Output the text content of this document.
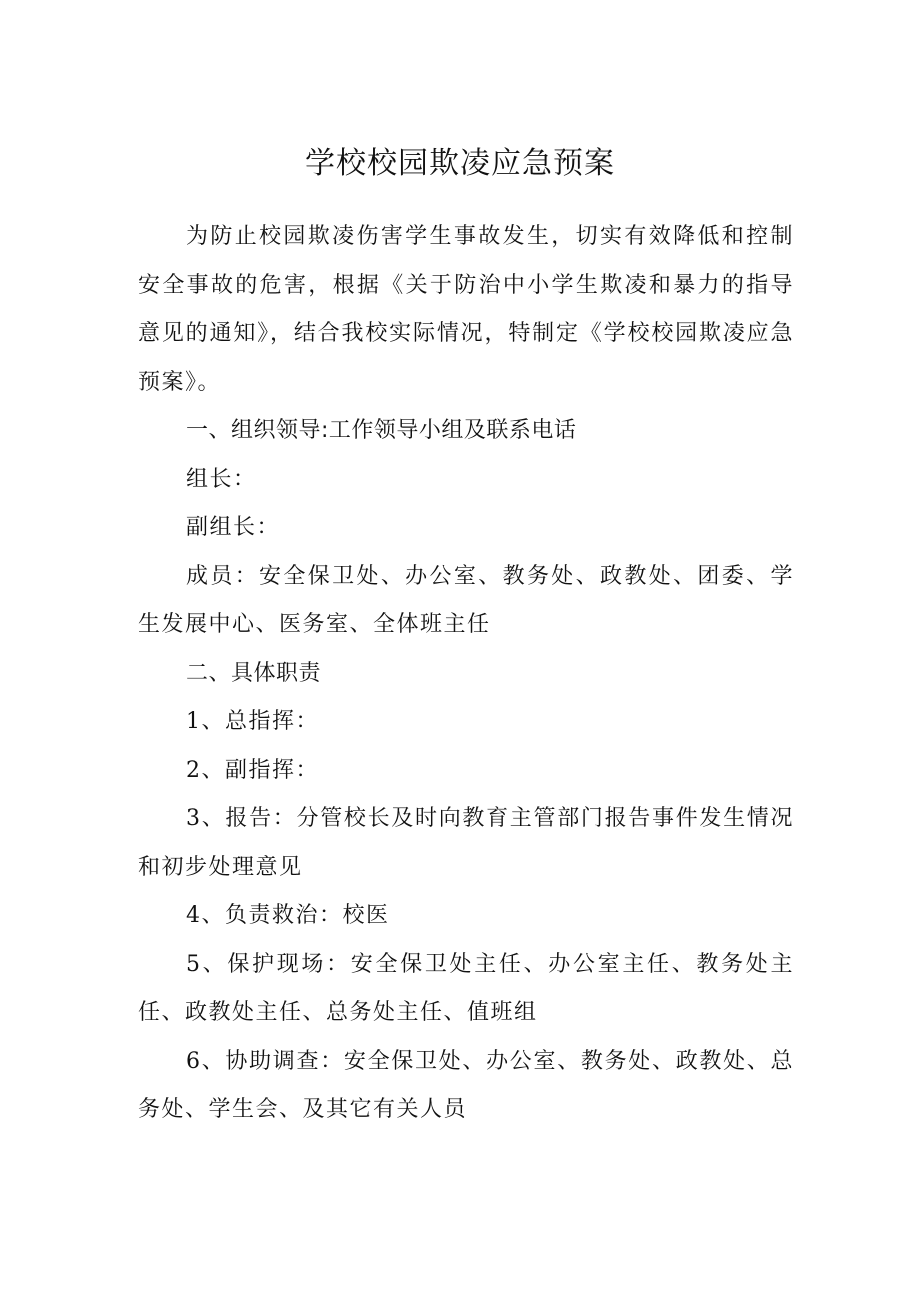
学校校园欺凌应急预案

为防止校园欺凌伤害学生事故发生，切实有效降低和控制安全事故的危害，根据《关于防治中小学生欺凌和暴力的指导意见的通知》，结合我校实际情况，特制定《学校校园欺凌应急预案》。

一、组织领导:工作领导小组及联系电话

组长：

副组长：

成员：安全保卫处、办公室、教务处、政教处、团委、学生发展中心、医务室、全体班主任

二、具体职责

1、总指挥：

2、副指挥：

3、报告：分管校长及时向教育主管部门报告事件发生情况和初步处理意见

4、负责救治：校医

5、保护现场：安全保卫处主任、办公室主任、教务处主任、政教处主任、总务处主任、值班组

6、协助调查：安全保卫处、办公室、教务处、政教处、总务处、学生会、及其它有关人员
